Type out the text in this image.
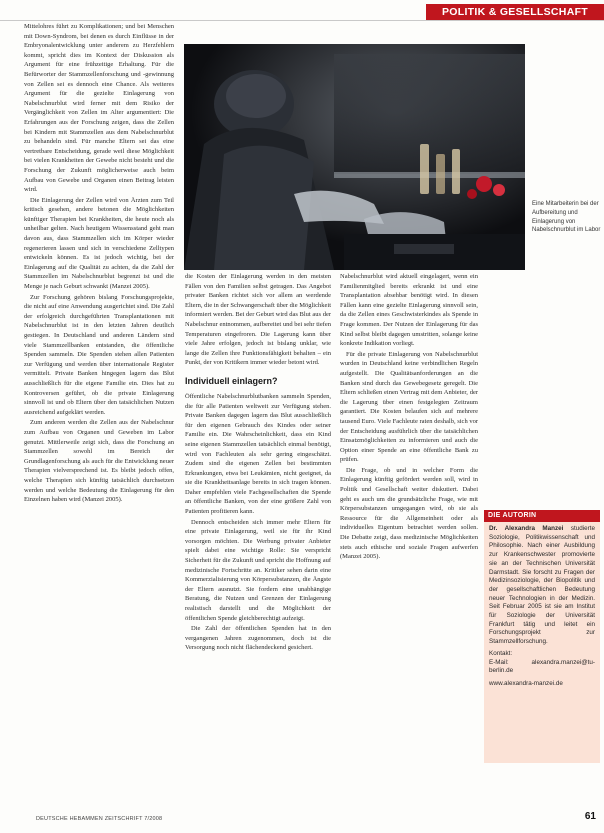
POLITIK & GESELLSCHAFT

Mittelohres führt zu Komplikationen; und bei Menschen mit Down-Syndrom, bei denen es durch Einflüsse in der Embryonalentwicklung unter anderem zu Herzfehlern kommt, spricht dies im Kontext der Diskussion als Argument für eine frühzeitige Erhaltung. Für die Befürworter der Stammzellenforschung und -gewinnung von Zellen sei es dennoch eine Chance. Als weiteres Argument für die gezielte Einlagerung von Nabelschnurblut wird ferner mit dem Risiko der Vergänglichkeit von Zellen im Alter argumentiert: Die Erfahrungen aus der Forschung zeigen, dass die Zellen bei Kindern mit Stammzellen aus dem Nabelschnurblut zu behandeln sind. Für manche Eltern sei das eine vertretbare Entscheidung, gerade weil diese Möglichkeit bei vielen Krankheiten der Gewebe nicht besteht und die Forschung der Zukunft möglicherweise auch beim Aufbau von Gewebe und Organen einen Beitrag leisten wird.

Die Einlagerung der Zellen wird von Ärzten zum Teil kritisch gesehen, andere betonen die Möglichkeiten künftiger Therapien bei Krankheiten, die heute noch als unheilbar gelten. Nach heutigem Wissensstand geht man davon aus, dass Stammzellen sich im Körper wieder regenerieren lassen und sich in verschiedene Zelltypen entwickeln können. Es ist jedoch wichtig, bei der Einlagerung auf die Qualität zu achten, da die Zahl der Stammzellen im Nabelschnurblut begrenzt ist und die Menge je nach Geburt schwankt (Manzei 2005).

Zur Forschung gehören bislang Forschungsprojekte, die nicht auf eine Anwendung ausgerichtet sind. Die Zahl der erfolgreich durchgeführten Transplantationen mit Nabelschnurblut ist in den letzten Jahren deutlich gestiegen. In Deutschland und anderen Ländern sind viele Stammzellbanken entstanden, die öffentliche Spenden sammeln. Die Spenden stehen allen Patienten zur Verfügung und werden über internationale Register vermittelt. Private Banken hingegen lagern das Blut ausschließlich für die eigene Familie ein. Dies hat zu Kontroversen geführt, ob die private Einlagerung sinnvoll ist und ob Eltern über den tatsächlichen Nutzen ausreichend aufgeklärt werden.

Zum anderen werden die Zellen aus der Nabelschnur zum Aufbau von Organen und Geweben im Labor genutzt. Mittlerweile zeigt sich, dass die Forschung an Stammzellen sowohl im Bereich der Grundlagenforschung als auch für die Entwicklung neuer Therapien vielversprechend ist. Es bleibt jedoch offen, welche Therapien sich künftig tatsächlich durchsetzen werden und welche Bedeutung die Einlagerung für den Einzelnen haben wird (Manzei 2005).

Eine Mitarbeiterin bei der Aufbereitung und Einlagerung von Nabelschnurblut im Labor

die Kosten der Einlagerung werden in den meisten Fällen von den Familien selbst getragen. Das Angebot privater Banken richtet sich vor allem an werdende Eltern, die in der Schwangerschaft über die Möglichkeit informiert werden. Bei der Geburt wird das Blut aus der Nabelschnur entnommen, aufbereitet und bei sehr tiefen Temperaturen eingefroren. Die Lagerung kann über viele Jahre erfolgen, jedoch ist bislang unklar, wie lange die Zellen ihre Funktionsfähigkeit behalten – ein Punkt, der von Kritikern immer wieder betont wird.

Individuell einlagern?

Öffentliche Nabelschnurblutbanken sammeln Spenden, die für alle Patienten weltweit zur Verfügung stehen. Private Banken dagegen lagern das Blut ausschließlich für den eigenen Gebrauch des Kindes oder seiner Familie ein. Die Wahrscheinlichkeit, dass ein Kind seine eigenen Stammzellen tatsächlich einmal benötigt, wird von Fachleuten als sehr gering eingeschätzt. Zudem sind die eigenen Zellen bei bestimmten Erkrankungen, etwa bei Leukämien, nicht geeignet, da sie die Krankheitsanlage bereits in sich tragen können. Daher empfehlen viele Fachgesellschaften die Spende an öffentliche Banken, von der eine größere Zahl von Patienten profitieren kann.

Dennoch entscheiden sich immer mehr Eltern für eine private Einlagerung, weil sie für ihr Kind vorsorgen möchten. Die Werbung privater Anbieter spielt dabei eine wichtige Rolle: Sie verspricht Sicherheit für die Zukunft und spricht die Hoffnung auf medizinische Fortschritte an. Kritiker sehen darin eine Kommerzialisierung von Körpersubstanzen, die Ängste der Eltern ausnutzt. Sie fordern eine unabhängige Beratung, die Nutzen und Grenzen der Einlagerung realistisch darstellt und die Möglichkeit der öffentlichen Spende gleichberechtigt aufzeigt.

Die Zahl der öffentlichen Spenden hat in den vergangenen Jahren zugenommen, doch ist die Versorgung noch nicht flächendeckend gesichert.

Nabelschnurblut wird aktuell eingelagert, wenn ein Familienmitglied bereits erkrankt ist und eine Transplantation absehbar benötigt wird. In diesen Fällen kann eine gezielte Einlagerung sinnvoll sein, da die Zellen eines Geschwisterkindes als Spende in Frage kommen. Der Nutzen der Einlagerung für das Kind selbst bleibt dagegen umstritten, solange keine konkrete Indikation vorliegt.

Für die private Einlagerung von Nabelschnurblut wurden in Deutschland keine verbindlichen Regeln aufgestellt. Die Qualitätsanforderungen an die Banken sind durch das Gewebegesetz geregelt. Die Eltern schließen einen Vertrag mit dem Anbieter, der die Lagerung über einen festgelegten Zeitraum garantiert. Die Kosten belaufen sich auf mehrere tausend Euro. Viele Fachleute raten deshalb, sich vor der Entscheidung ausführlich über die tatsächlichen Einsatzmöglichkeiten zu informieren und auch die Option einer Spende an eine öffentliche Bank zu prüfen.

Die Frage, ob und in welcher Form die Einlagerung künftig gefördert werden soll, wird in Politik und Gesellschaft weiter diskutiert. Dabei geht es auch um die grundsätzliche Frage, wie mit Körpersubstanzen umgegangen wird, ob sie als Ressource für die Allgemeinheit oder als individuelles Eigentum betrachtet werden sollen. Die Debatte zeigt, dass medizinische Möglichkeiten stets auch ethische und soziale Fragen aufwerfen (Manzei 2005).

DIE AUTORIN
Dr. Alexandra Manzei studierte Soziologie, Politikwissenschaft und Philosophie. Nach einer Ausbildung zur Krankenschwester promovierte sie an der Technischen Universität Darmstadt. Sie forscht zu Fragen der Medizinsoziologie, der Biopolitik und der gesellschaftlichen Bedeutung neuer Technologien in der Medizin. Seit Februar 2005 ist sie am Institut für Soziologie der Universität Frankfurt tätig und leitet ein Forschungsprojekt zur Stammzellforschung.
Kontakt:
E-Mail: alexandra.manzei@tu-berlin.de
www.alexandra-manzei.de
DEUTSCHE HEBAMMEN ZEITSCHRIFT 7/2008	61
